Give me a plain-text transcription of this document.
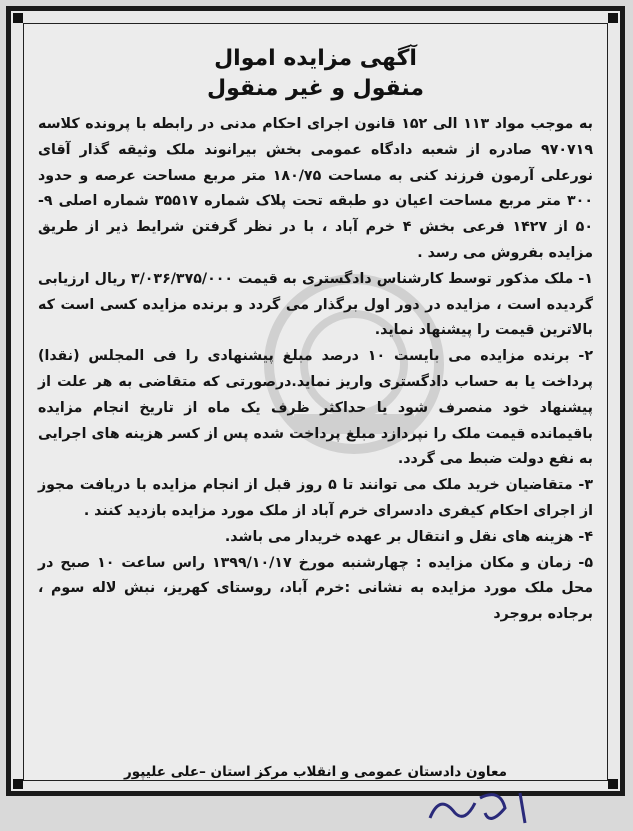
آگهی مزایده اموال
منقول و غیر منقول

به موجب مواد ۱۱۳ الی ۱۵۲ قانون اجرای احکام مدنی در رابطه با پرونده کلاسه ۹۷۰۷۱۹ صادره از شعبه دادگاه عمومی بخش بیرانوند ملک وثیقه گذار آقای نورعلی آرمون فرزند کنی به مساحت ۱۸۰/۷۵ متر مربع مساحت عرصه و حدود ۳۰۰ متر مربع مساحت اعیان دو طبقه تحت پلاک شماره ۳۵۵۱۷ شماره اصلی ۹- ۵۰ از ۱۴۲۷ فرعی بخش ۴ خرم آباد ، با در نظر گرفتن شرایط ذیر از طریق مزایده بفروش می رسد .

۱- ملک مذکور توسط کارشناس دادگستری به قیمت ۳/۰۳۶/۳۷۵/۰۰۰ ریال ارزیابی گردیده است ، مزایده در دور اول برگذار می گردد و برنده مزایده کسی است که بالاترین قیمت را پیشنهاد نماید.

۲- برنده مزایده می بایست ۱۰ درصد مبلغ پیشنهادی را فی المجلس (نقدا) پرداخت یا به حساب دادگستری واریز نماید.درصورتی که متقاضی به هر علت از پیشنهاد خود منصرف شود یا حداکثر ظرف یک ماه از تاریخ انجام مزایده باقیمانده قیمت ملک را نپردازد مبلغ پرداخت شده پس از کسر هزینه های اجرایی به نفع دولت ضبط می گردد.

۳- متقاضیان خرید ملک می توانند تا ۵ روز قبل از انجام مزایده با دریافت مجوز از اجرای احکام کیفری دادسرای خرم آباد از ملک مورد مزایده بازدید کنند .

۴- هزینه های نقل و انتقال بر عهده خریدار می باشد.

۵- زمان و مکان مزایده : چهارشنبه مورخ ۱۳۹۹/۱۰/۱۷ راس ساعت ۱۰ صبح در محل ملک مورد مزایده به نشانی :خرم آباد، روستای کهریز، نبش لاله سوم ، برجاده بروجرد

معاون دادستان عمومی و انقلاب مرکز استان –علی علیپور
